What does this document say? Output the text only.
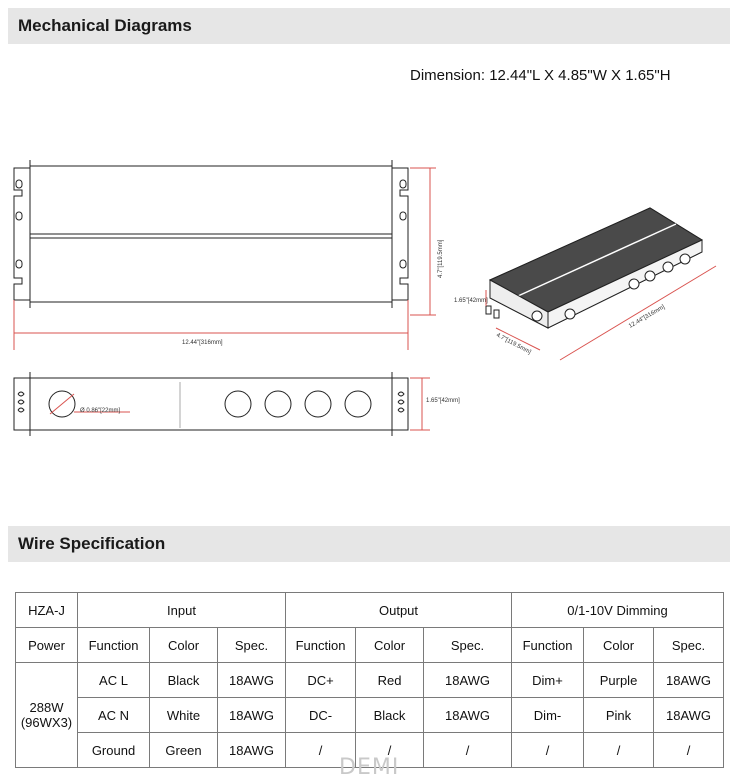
Mechanical Diagrams
Dimension: 12.44"L X 4.85"W X 1.65"H
12.44"[316mm]
4.7"[119.5mm]
Ø 0.86"[22mm]
1.65"[42mm]
1.65"[42mm]
4.7"[119.5mm]
12.44"[316mm]
Wire Specification
HZA-J	Input			Output			0/1-10V Dimming		
Power	Function	Color	Spec.	Function	Color	Spec.	Function	Color	Spec.

288W
(96WX3)	AC L	Black	18AWG	DC+	Red	18AWG	Dim+	Purple	18AWG
	AC N	White	18AWG	DC-	Black	18AWG	Dim-	Pink	18AWG
	Ground	Green	18AWG	/	/	/	/	/	/
DEMI
